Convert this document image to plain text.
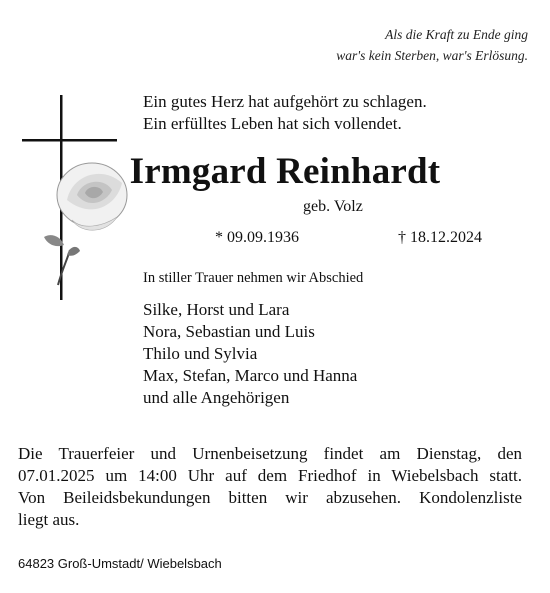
Als die Kraft zu Ende ging
war's kein Sterben, war's Erlösung.
Ein gutes Herz hat aufgehört zu schlagen.
Ein erfülltes Leben hat sich vollendet.
Irmgard Reinhardt
geb. Volz
* 09.09.1936	† 18.12.2024
In stiller Trauer nehmen wir Abschied
Silke, Horst und Lara
Nora, Sebastian und Luis
Thilo und Sylvia
Max, Stefan, Marco und Hanna
und alle Angehörigen
Die Trauerfeier und Urnenbeisetzung findet am Dienstag, den
07.01.2025 um 14:00 Uhr auf dem Friedhof in Wiebelsbach statt.
Von Beileidsbekundungen bitten wir abzusehen. Kondolenzliste
liegt aus.
64823 Groß-Umstadt/ Wiebelsbach
